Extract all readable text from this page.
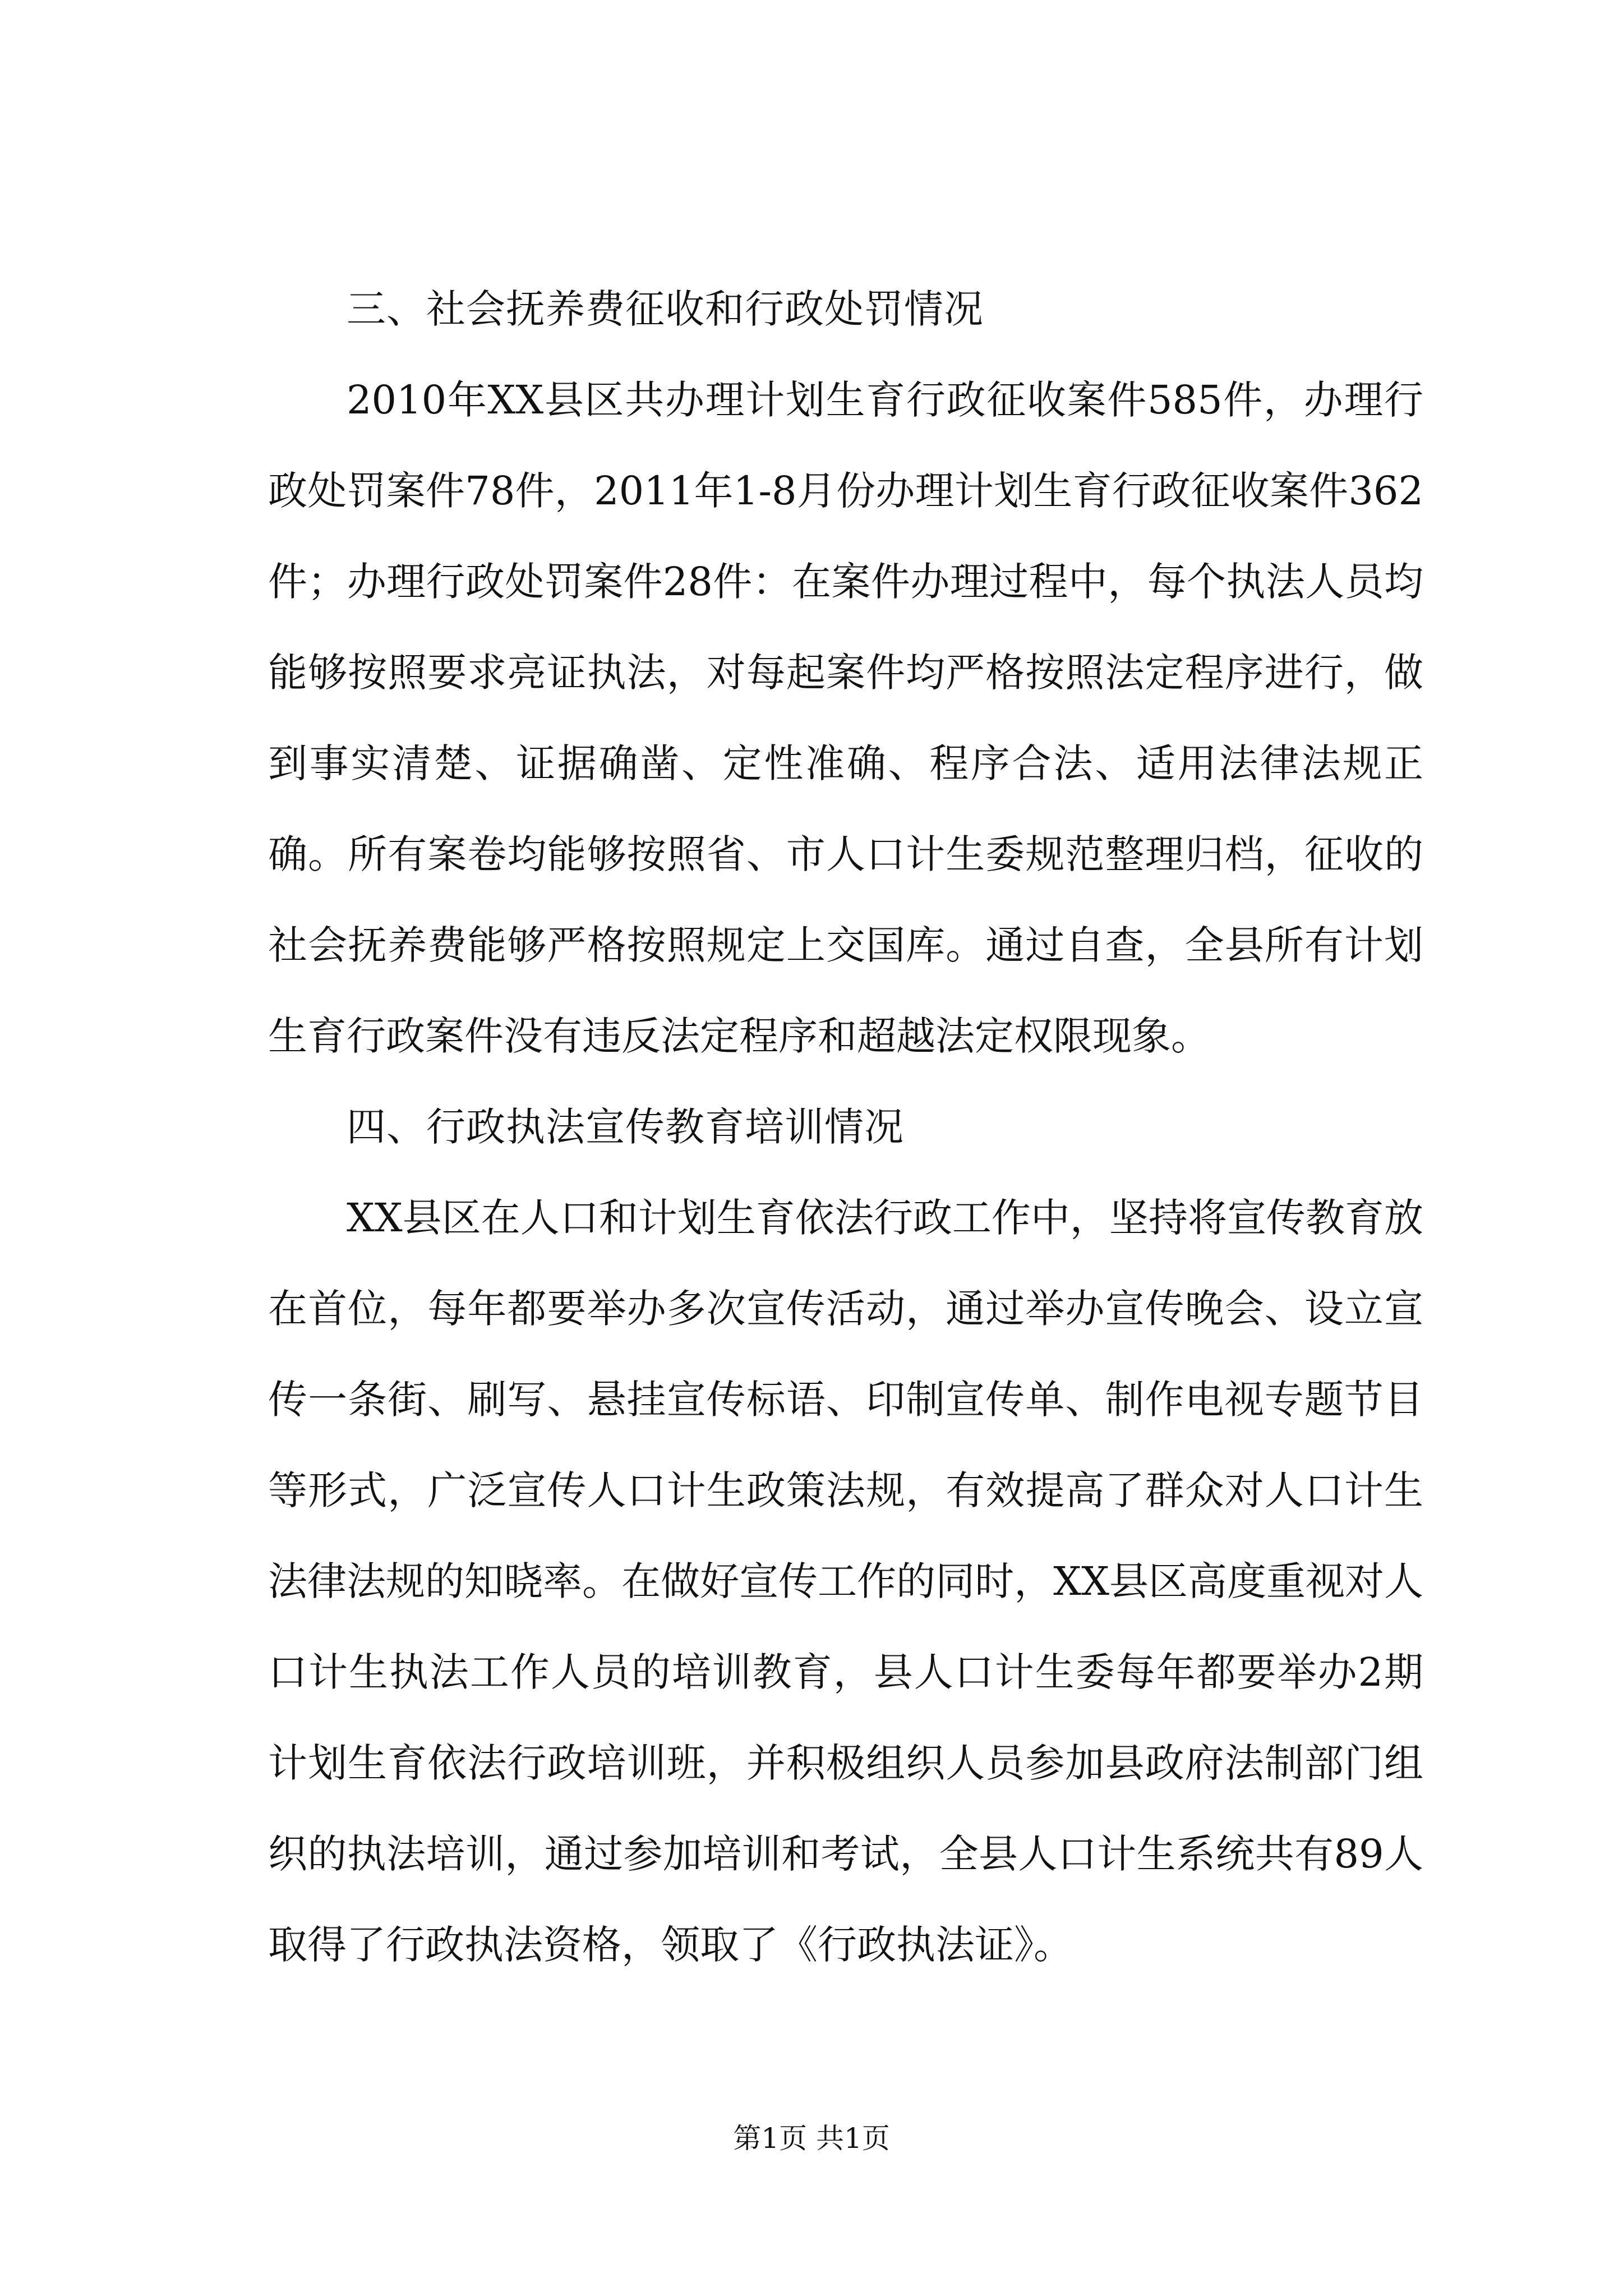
三、社会抚养费征收和行政处罚情况

2010年XX县区共办理计划生育行政征收案件585件，办理行政处罚案件78件，2011年1-8月份办理计划生育行政征收案件362件；办理行政处罚案件28件：在案件办理过程中，每个执法人员均能够按照要求亮证执法，对每起案件均严格按照法定程序进行，做到事实清楚、证据确凿、定性准确、程序合法、适用法律法规正确。所有案卷均能够按照省、市人口计生委规范整理归档，征收的社会抚养费能够严格按照规定上交国库。通过自查，全县所有计划生育行政案件没有违反法定程序和超越法定权限现象。

四、行政执法宣传教育培训情况

XX县区在人口和计划生育依法行政工作中，坚持将宣传教育放在首位，每年都要举办多次宣传活动，通过举办宣传晚会、设立宣传一条街、刷写、悬挂宣传标语、印制宣传单、制作电视专题节目等形式，广泛宣传人口计生政策法规，有效提高了群众对人口计生法律法规的知晓率。在做好宣传工作的同时，XX县区高度重视对人口计生执法工作人员的培训教育，县人口计生委每年都要举办2期计划生育依法行政培训班，并积极组织人员参加县政府法制部门组织的执法培训，通过参加培训和考试，全县人口计生系统共有89人取得了行政执法资格，领取了《行政执法证》。

第1页 共1页
